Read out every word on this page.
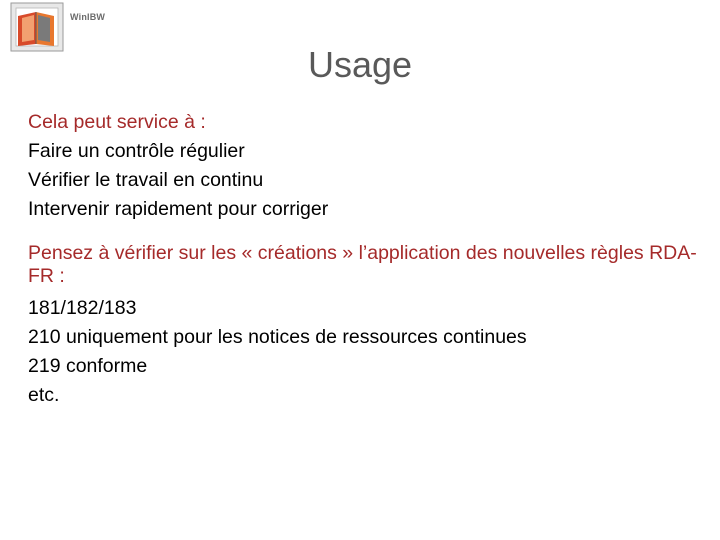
WinIBW
Usage
Cela peut service à :
Faire un contrôle régulier
Vérifier le travail en continu
Intervenir rapidement pour corriger
Pensez à vérifier sur les « créations » l’application des nouvelles règles RDA-FR :
181/182/183
210 uniquement pour les notices de ressources continues
219 conforme
etc.
